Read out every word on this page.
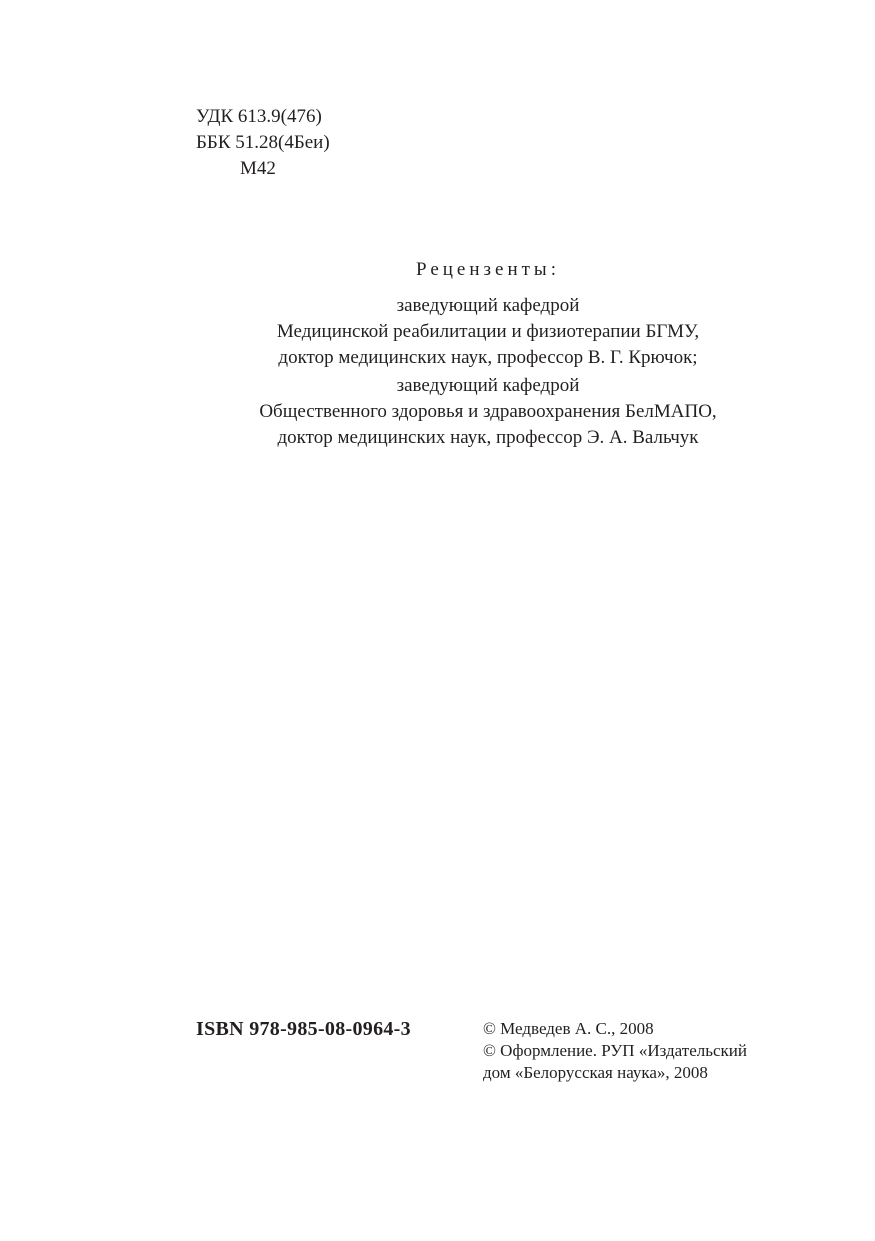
УДК 613.9(476)
ББК 51.28(4Беи)
М42
Рецензенты:
заведующий кафедрой
Медицинской реабилитации и физиотерапии БГМУ,
доктор медицинских наук, профессор В. Г. Крючок;
заведующий кафедрой
Общественного здоровья и здравоохранения БелМАПО,
доктор медицинских наук, профессор Э. А. Вальчук
ISBN 978-985-08-0964-3	© Медведев А. С., 2008
© Оформление. РУП «Издательский
дом «Белорусская наука», 2008
